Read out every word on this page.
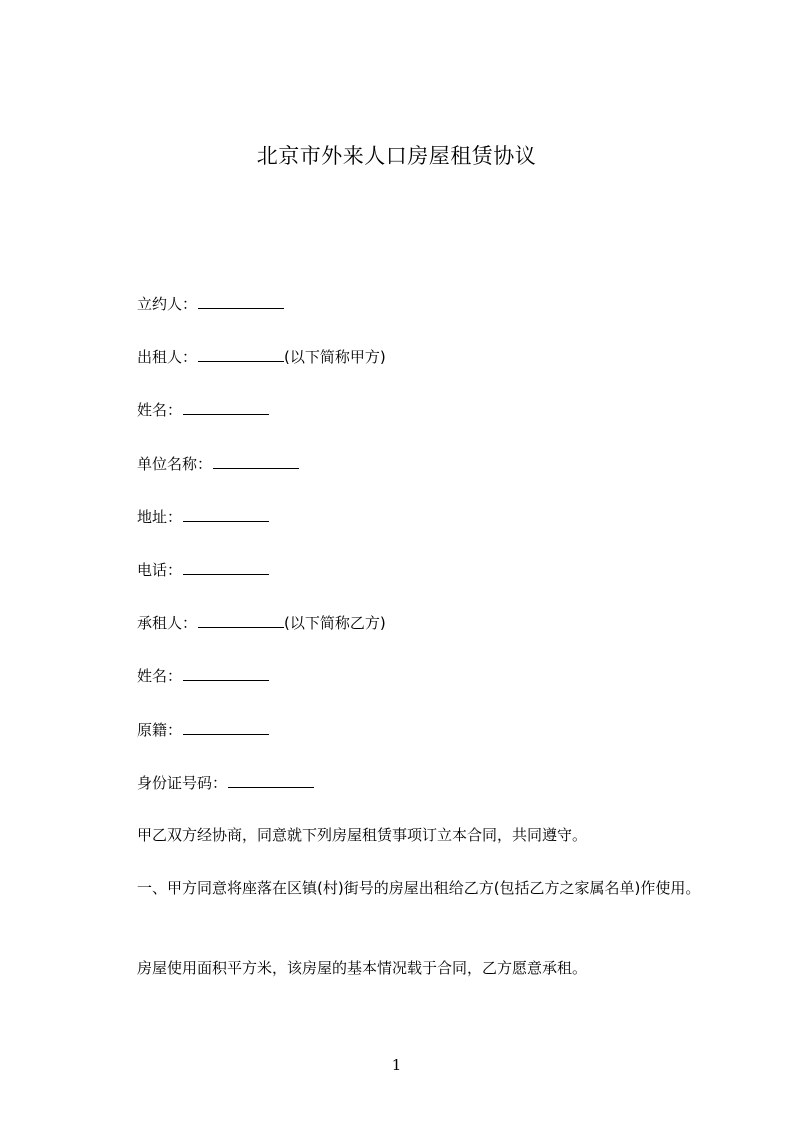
北京市外来人口房屋租赁协议
立约人：
出租人：	(以下简称甲方)
姓名：
单位名称：
地址：
电话：
承租人：	(以下简称乙方)
姓名：
原籍：
身份证号码：
甲乙双方经协商，同意就下列房屋租赁事项订立本合同，共同遵守。
一、甲方同意将座落在区镇(村)街号的房屋出租给乙方(包括乙方之家属名单)作使用。
房屋使用面积平方米，该房屋的基本情况载于合同，乙方愿意承租。
1
